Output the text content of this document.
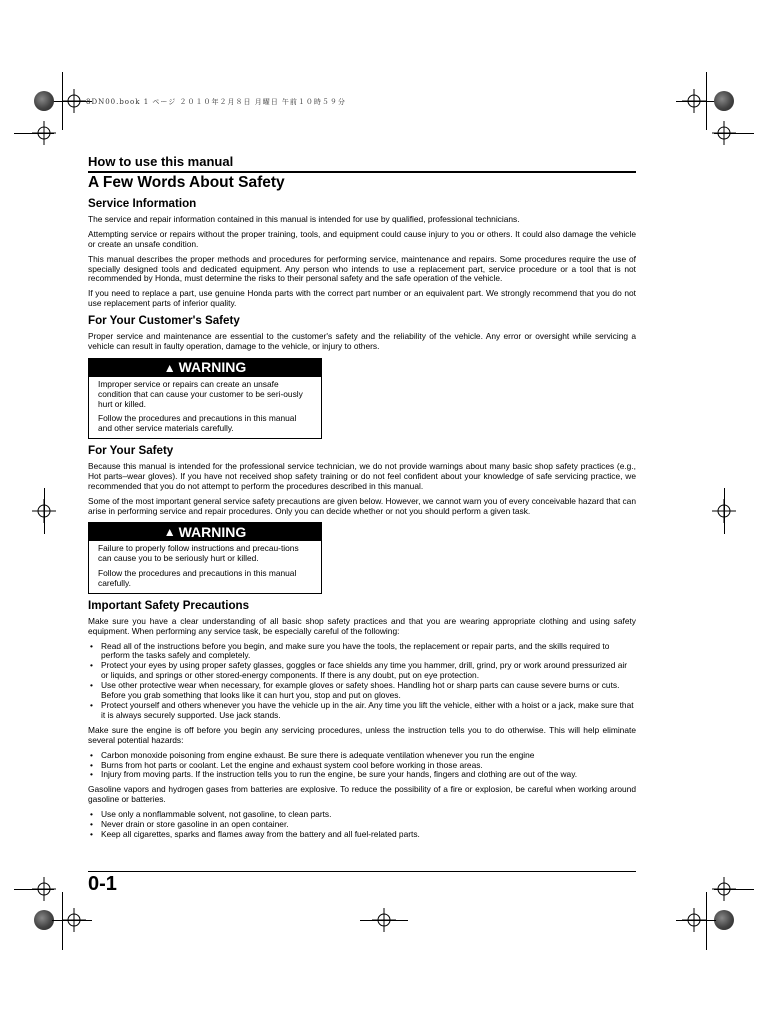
8DN00.book 1 ページ ２０１０年２月８日 月曜日 午前１０時５９分
How to use this manual
A Few Words About Safety
Service Information

The service and repair information contained in this manual is intended for use by qualified, professional technicians.

Attempting service or repairs without the proper training, tools, and equipment could cause injury to you or others. It could also damage the vehicle or create an unsafe condition.

This manual describes the proper methods and procedures for performing service, maintenance and repairs. Some procedures require the use of specially designed tools and dedicated equipment. Any person who intends to use a replacement part, service procedure or a tool that is not recommended by Honda, must determine the risks to their personal safety and the safe operation of the vehicle.

If you need to replace a part, use genuine Honda parts with the correct part number or an equivalent part. We strongly recommend that you do not use replacement parts of inferior quality.

For Your Customer's Safety

Proper service and maintenance are essential to the customer's safety and the reliability of the vehicle. Any error or oversight while servicing a vehicle can result in faulty operation, damage to the vehicle, or injury to others.

▲ WARNING

Improper service or repairs can create an unsafe condition that can cause your customer to be seri-ously hurt or killed.

Follow the procedures and precautions in this manual and other service materials carefully.

For Your Safety

Because this manual is intended for the professional service technician, we do not provide warnings about many basic shop safety practices (e.g., Hot parts–wear gloves). If you have not received shop safety training or do not feel confident about your knowledge of safe servicing practice, we recommended that you do not attempt to perform the procedures described in this manual.

Some of the most important general service safety precautions are given below. However, we cannot warn you of every conceivable hazard that can arise in performing service and repair procedures. Only you can decide whether or not you should perform a given task.

▲ WARNING

Failure to properly follow instructions and precau-tions can cause you to be seriously hurt or killed.

Follow the procedures and precautions in this manual carefully.

Important Safety Precautions

Make sure you have a clear understanding of all basic shop safety practices and that you are wearing appropriate clothing and using safety equipment. When performing any service task, be especially careful of the following:

• Read all of the instructions before you begin, and make sure you have the tools, the replacement or repair parts, and the skills required to perform the tasks safely and completely.
• Protect your eyes by using proper safety glasses, goggles or face shields any time you hammer, drill, grind, pry or work around pressurized air or liquids, and springs or other stored-energy components. If there is any doubt, put on eye protection.
• Use other protective wear when necessary, for example gloves or safety shoes. Handling hot or sharp parts can cause severe burns or cuts. Before you grab something that looks like it can hurt you, stop and put on gloves.
• Protect yourself and others whenever you have the vehicle up in the air. Any time you lift the vehicle, either with a hoist or a jack, make sure that it is always securely supported. Use jack stands.

Make sure the engine is off before you begin any servicing procedures, unless the instruction tells you to do otherwise. This will help eliminate several potential hazards:

• Carbon monoxide poisoning from engine exhaust. Be sure there is adequate ventilation whenever you run the engine
• Burns from hot parts or coolant. Let the engine and exhaust system cool before working in those areas.
• Injury from moving parts. If the instruction tells you to run the engine, be sure your hands, fingers and clothing are out of the way.

Gasoline vapors and hydrogen gases from batteries are explosive. To reduce the possibility of a fire or explosion, be careful when working around gasoline or batteries.

• Use only a nonflammable solvent, not gasoline, to clean parts.
• Never drain or store gasoline in an open container.
• Keep all cigarettes, sparks and flames away from the battery and all fuel-related parts.
0-1
